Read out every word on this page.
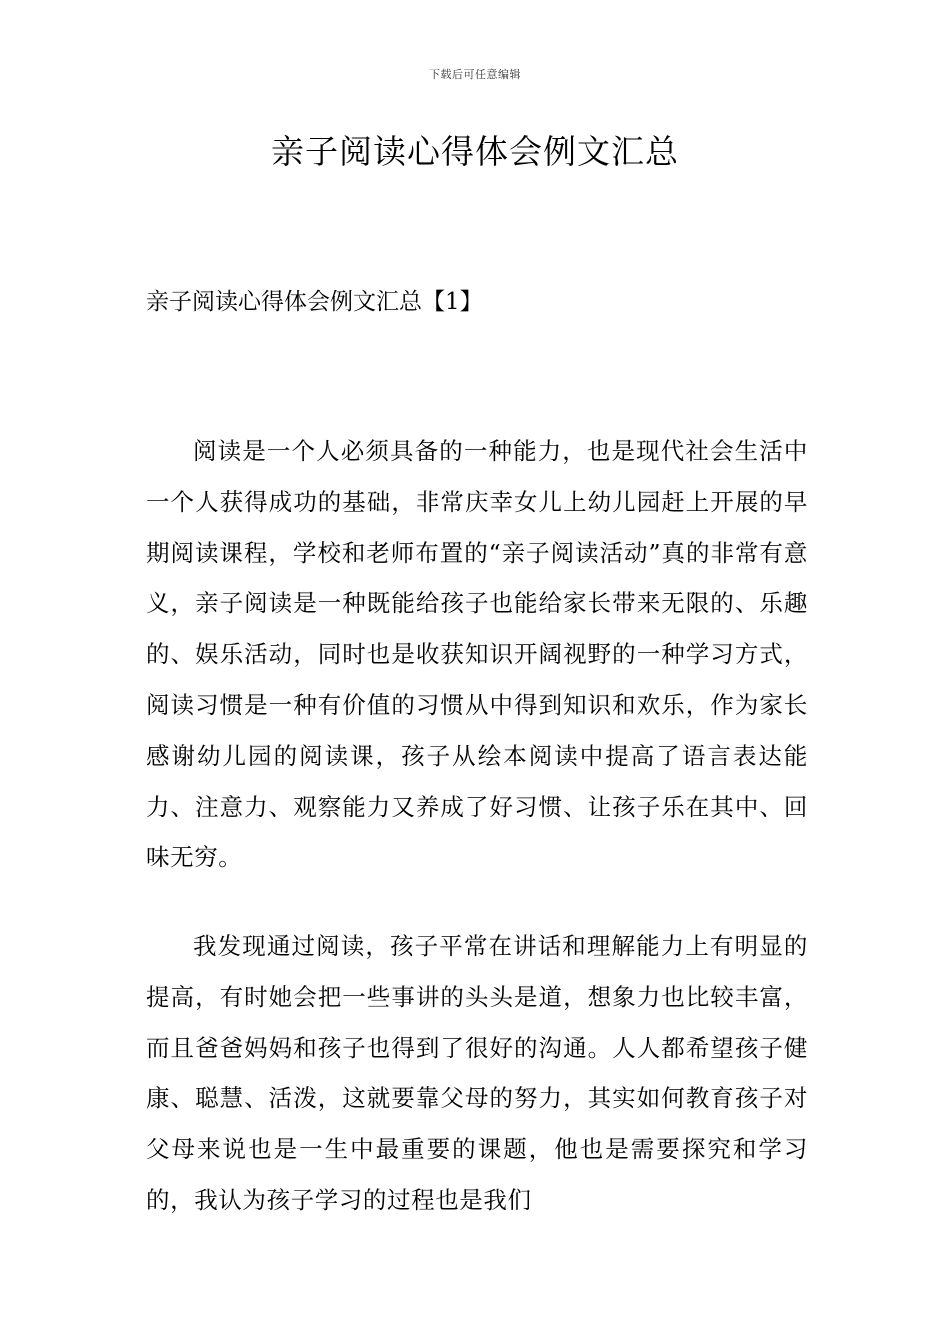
下载后可任意编辑
亲子阅读心得体会例文汇总
亲子阅读心得体会例文汇总【1】

阅读是一个人必须具备的一种能力，也是现代社会生活中一个人获得成功的基础，非常庆幸女儿上幼儿园赶上开展的早期阅读课程，学校和老师布置的“亲子阅读活动”真的非常有意义，亲子阅读是一种既能给孩子也能给家长带来无限的、乐趣的、娱乐活动，同时也是收获知识开阔视野的一种学习方式，阅读习惯是一种有价值的习惯从中得到知识和欢乐，作为家长感谢幼儿园的阅读课，孩子从绘本阅读中提高了语言表达能力、注意力、观察能力又养成了好习惯、让孩子乐在其中、回味无穷。

我发现通过阅读，孩子平常在讲话和理解能力上有明显的提高，有时她会把一些事讲的头头是道，想象力也比较丰富，而且爸爸妈妈和孩子也得到了很好的沟通。人人都希望孩子健康、聪慧、活泼，这就要靠父母的努力，其实如何教育孩子对父母来说也是一生中最重要的课题，他也是需要探究和学习的，我认为孩子学习的过程也是我们
